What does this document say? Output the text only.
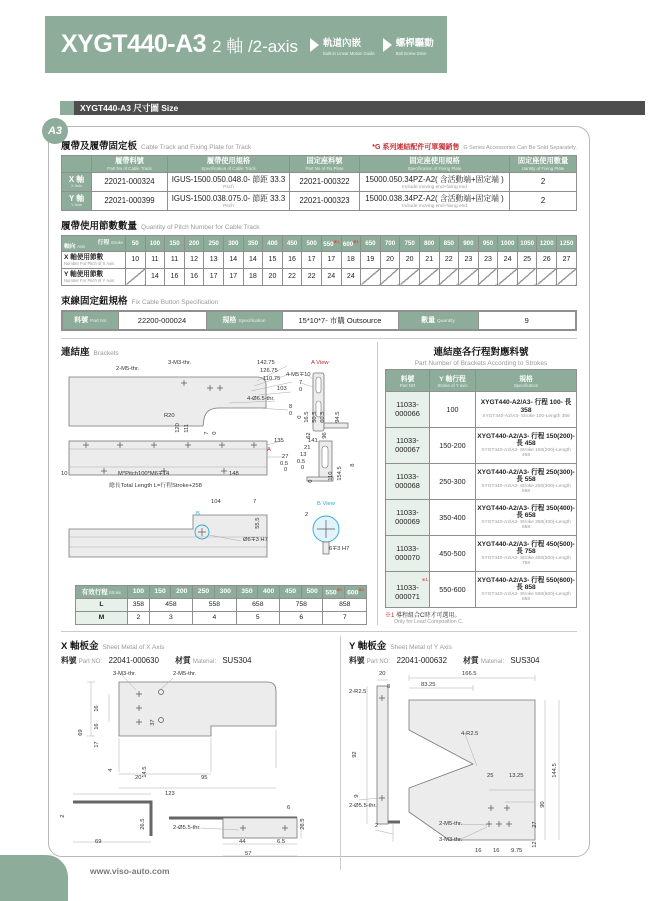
XYGT440-A3 2 軸 /2-axis	軌道內嵌
Built-in Linear Motion Guide
螺桿驅動
Ball Screw Drive
XYGT440-A3 尺寸圖 Size
A3
履帶及履帶固定板 Cable Track and Fixing Plate for Track	*G 系列連結配件可單獨銷售 G Series Accessories Can Be Sold Separately.
	履帶料號
Part No of Cable Track	履帶使用規格
Specification of Cable Track	固定座料號
Part No of Fix Plate	固定座使用規格
Specification of Fixing Plate	固定座使用數量
Uantity of Fixing Plate

X 軸
X Axis	22021-000324	IGUS-1500.050.048.0- 節距 33.3
Pitch	22021-000322	15000.050.34PZ-A2( 含活動端+固定端 )
Include moving end+fixing end	2
Y 軸
Y Axis	22021-000399	IGUS-1500.038.075.0- 節距 33.3
Pitch	22021-000323	15000.038.34PZ-A2( 含活動端+固定端 )
Include moving end+fixing end	2
履帶使用節數數量 Quantity of Pitch Number for Cable Track
行程 Stroke
軸向 Axis	50	100	150	200	250	300	350	400	450	500	550$^{※1}$	600$^{※1}$	650	700	750	800	850	900	950	1000	1050	1200	1250
X 軸使用節數
Number For Pitch of X Axis	10	11	11	12	13	14	14	15	16	17	17	18	19	20	20	21	22	23	23	24	25	26	27
Y 軸使用節數
Number For Pitch of Y Axis		14	16	16	17	17	18	20	22	22	24	24											
束線固定鈕規格 Fix Cable Button Specification
料號 Part No	22200-000024	規格 Specification	15*10*7- 市購 Outsource	數量 Quantity	9
連結座 Brackets
2-M5-thr.
3-M3-thr.	142.75
126.75
110.75
103
4-Ø6.5-thr.
8
0
R20
120 111
7 0
A View
4-M5∓10
7
0
0 16.5 50.5 60.5 94.5
62 96
135
A
27
0.5
0
10	M*Pitch100*M6∓14	148
總長Total Length L=行程Stroke+258
141
21
13
0.5
0	8
110 154.5
0
104	7
B
55.5
Ø6∓3 H7
B View
2
6∓3 H7
有效行程 Stroke	100	150	200	250	300	350	400	450	500	550$^{※1}$	600$^{※1}$
L	358	458		558		658		758		858	
M	2	3		4		5		6		7	
連結座各行程對應料號
Part Number of Brackets According to Strokes
料號
Part NO	Y 軸行程
Stroke of Y axis	規格
Specification

11033-000066	100	XYGT440-A2/A3- 行程 100- 長 358
XYGT440-A2/A3- Stroke 100-Length 358

11033-000067	150-200	XYGT440-A2/A3- 行程 150(200)- 長 458
XYGT440-A2/A3- Stroke 150(200)-Length 458

11033-000068	250-300	XYGT440-A2/A3- 行程 250(300)- 長 558
XYGT440-A2/A3- Stroke 250(300)-Length 558

11033-000069	350-400	XYGT440-A2/A3- 行程 350(400)- 長 658
XYGT440-A2/A3- Stroke 350(400)-Length 658

11033-000070	450-500	XYGT440-A2/A3- 行程 450(500)- 長 758
XYGT440-A2/A3- Stroke 450(500)-Length 758

※1
11033-000071	550-600	XYGT440-A2/A3- 行程 550(600)- 長 858
XYGT440-A2/A3- Stroke 550(600)-Length 858
※1 導程組合C時才可選用。
Only for Lead Composition C.
X 軸板金 Sheet Metal of X Axis
料號 Part NO： 22041-000630 材質 Material： SUS304
3-M3-thr.	2-M5-thr.
69
16
16
17
4
37
14.5
20	95
123
2
26.5
69
2-Ø5.5-thr.
44	6.5
57
6
26.5
Y 軸板金 Sheet Metal of Y Axis
料號 Part NO： 22041-000632 材質 Material： SUS304
20	166.5
83.25
2-R2.5
8
92
9
2-Ø5.5-thr.
2
4-R2.5
25	13.25
90
144.5
27
12
2-M5-thr.
3-M3-thr.
16 16 9.75
www.viso-auto.com
